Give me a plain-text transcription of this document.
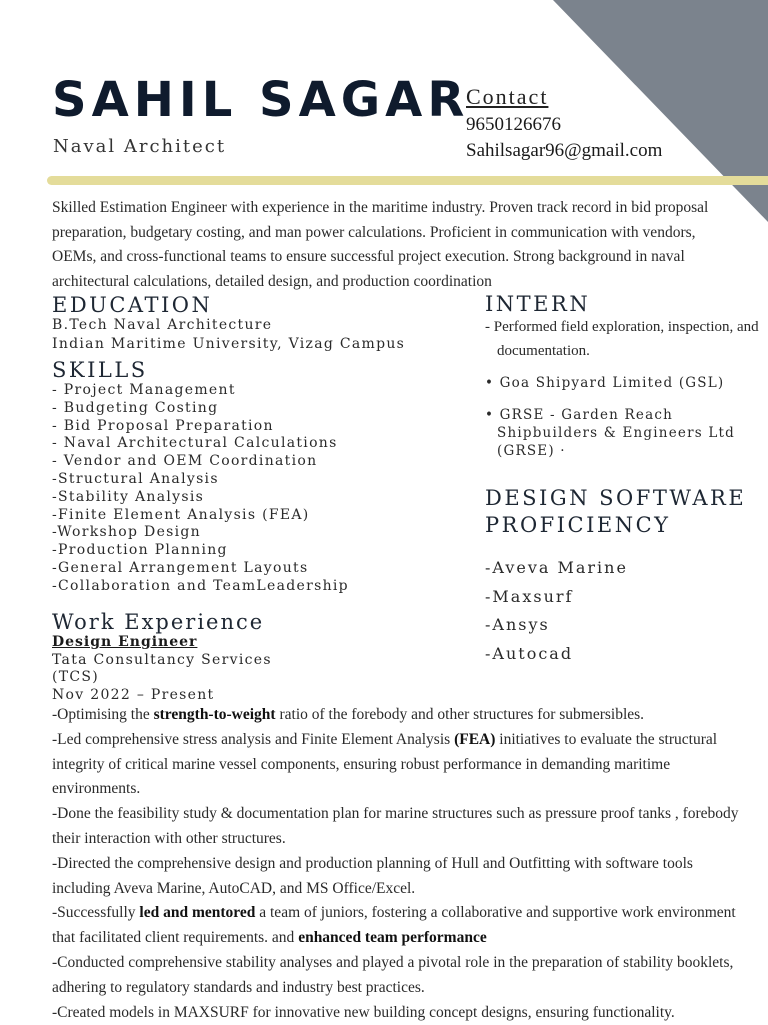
SAHIL SAGAR
Naval Architect
Contact
9650126676
Sahilsagar96@gmail.com
Skilled Estimation Engineer with experience in the maritime industry. Proven track record in bid proposal preparation, budgetary costing, and man power calculations. Proficient in communication with vendors, OEMs, and cross-functional teams to ensure successful project execution. Strong background in naval architectural calculations, detailed design, and production coordination
EDUCATION
B.Tech Naval Architecture
Indian Maritime University, Vizag Campus
SKILLS
- Project Management
- Budgeting Costing
- Bid Proposal Preparation
- Naval Architectural Calculations
- Vendor and OEM Coordination
-Structural Analysis
-Stability Analysis
-Finite Element Analysis (FEA)
-Workshop Design
-Production Planning
-General Arrangement Layouts
-Collaboration and TeamLeadership
INTERN
- Performed field exploration, inspection, and documentation.
• Goa Shipyard Limited (GSL)
• GRSE - Garden Reach Shipbuilders & Engineers Ltd (GRSE) ·
DESIGN SOFTWARE
PROFICIENCY
-Aveva Marine
-Maxsurf
-Ansys
-Autocad
Work Experience
Design Engineer
Tata Consultancy Services
(TCS)
Nov 2022 – Present

-Optimising the strength-to-weight ratio of the forebody and other structures for submersibles.

-Led comprehensive stress analysis and Finite Element Analysis (FEA) initiatives to evaluate the structural integrity of critical marine vessel components, ensuring robust performance in demanding maritime environments.

-Done the feasibility study & documentation plan for marine structures such as pressure proof tanks , forebody their interaction with other structures.

-Directed the comprehensive design and production planning of Hull and Outfitting with software tools including Aveva Marine, AutoCAD, and MS Office/Excel.

-Successfully led and mentored a team of juniors, fostering a collaborative and supportive work environment that facilitated client requirements. and enhanced team performance

-Conducted comprehensive stability analyses and played a pivotal role in the preparation of stability booklets, adhering to regulatory standards and industry best practices.

-Created models in MAXSURF for innovative new building concept designs, ensuring functionality.
